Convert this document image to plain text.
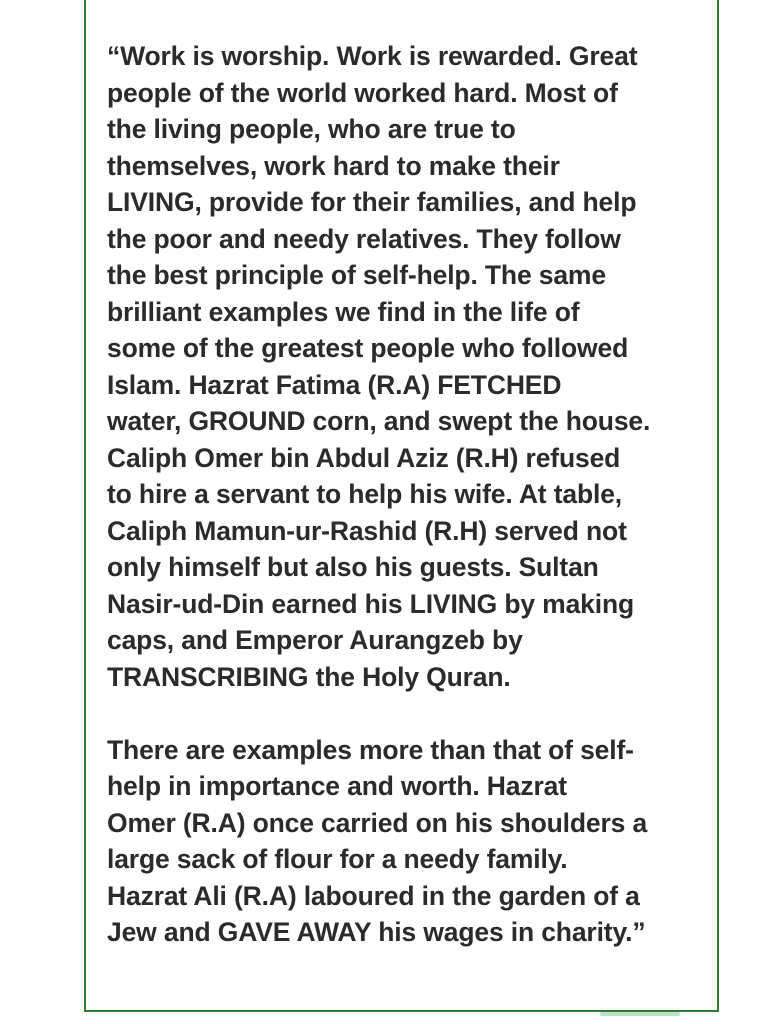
“Work is worship. Work is rewarded. Great
people of the world worked hard. Most of
the living people, who are true to
themselves, work hard to make their
LIVING, provide for their families, and help
the poor and needy relatives. They follow
the best principle of self-help. The same
brilliant examples we find in the life of
some of the greatest people who followed
Islam. Hazrat Fatima (R.A) FETCHED
water, GROUND corn, and swept the house.
Caliph Omer bin Abdul Aziz (R.H) refused
to hire a servant to help his wife. At table,
Caliph Mamun-ur-Rashid (R.H) served not
only himself but also his guests. Sultan
Nasir-ud-Din earned his LIVING by making
caps, and Emperor Aurangzeb by
TRANSCRIBING the Holy Quran.

There are examples more than that of self-
help in importance and worth. Hazrat
Omer (R.A) once carried on his shoulders a
large sack of flour for a needy family.
Hazrat Ali (R.A) laboured in the garden of a
Jew and GAVE AWAY his wages in charity.”
